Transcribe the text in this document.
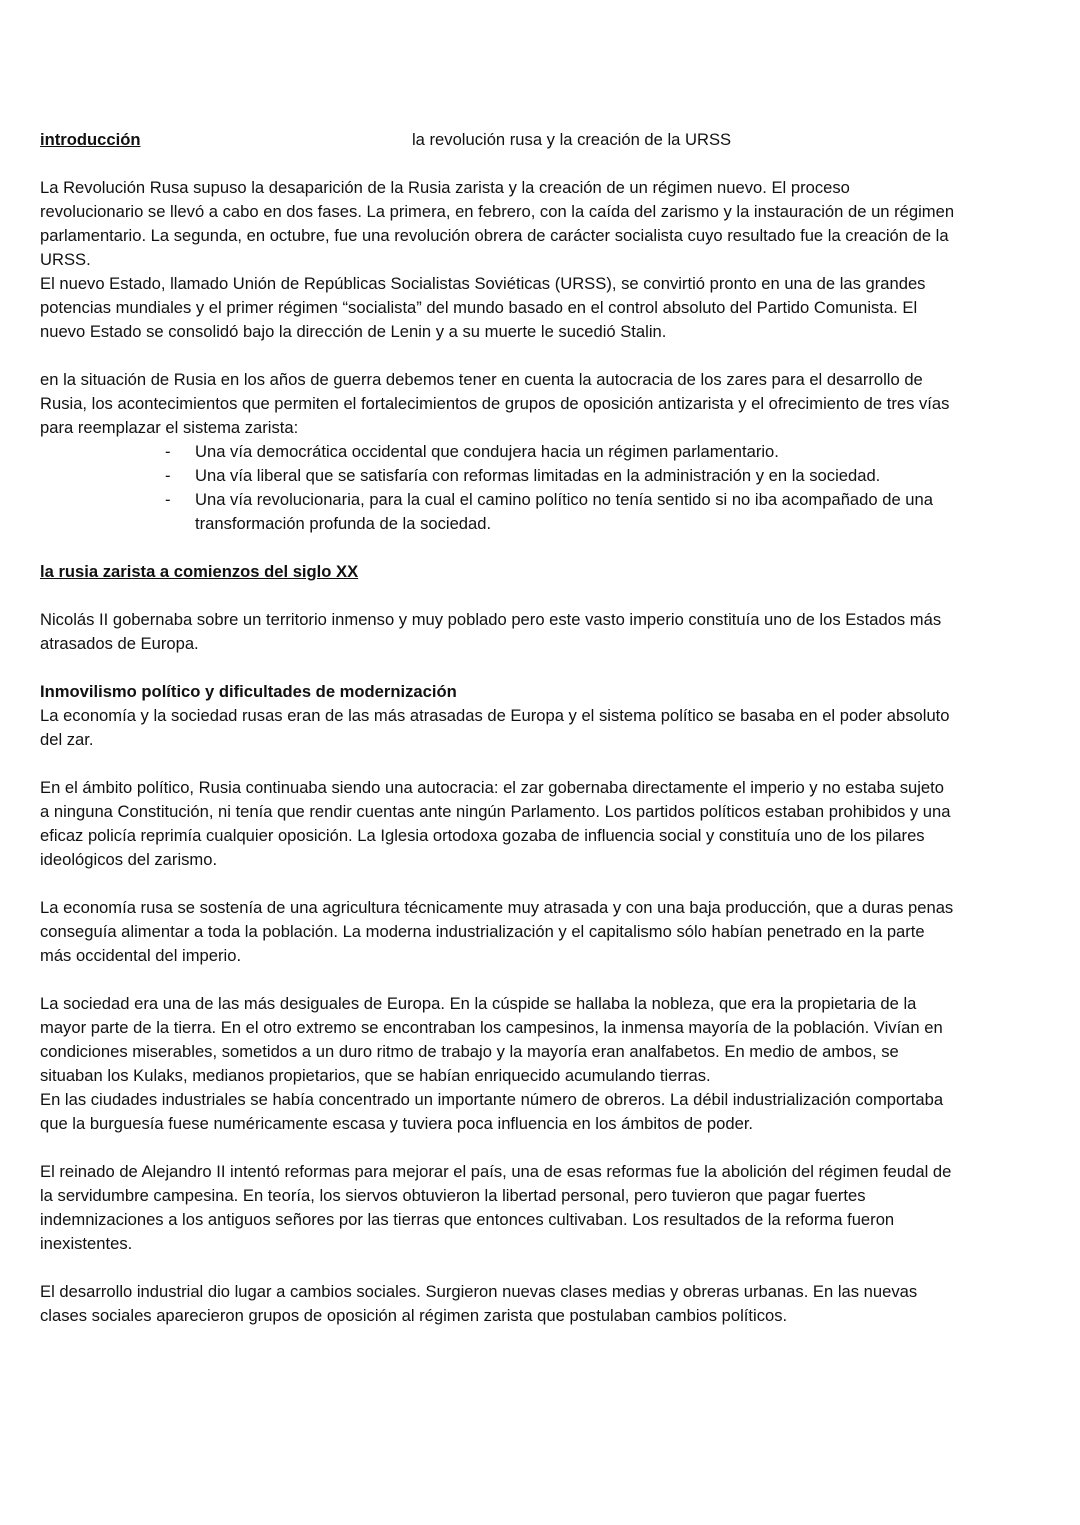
la revolución rusa y la creación de la URSS
introducción

La Revolución Rusa supuso la desaparición de la Rusia zarista y la creación de un régimen nuevo. El proceso
revolucionario se llevó a cabo en dos fases. La primera, en febrero, con la caída del zarismo y la instauración de un régimen
parlamentario. La segunda, en octubre, fue una revolución obrera de carácter socialista cuyo resultado fue la creación de la
URSS.
El nuevo Estado, llamado Unión de Repúblicas Socialistas Soviéticas (URSS), se convirtió pronto en una de las grandes
potencias mundiales y el primer régimen “socialista” del mundo basado en el control absoluto del Partido Comunista. El
nuevo Estado se consolidó bajo la dirección de Lenin y a su muerte le sucedió Stalin.

en la situación de Rusia en los años de guerra debemos tener en cuenta la autocracia de los zares para el desarrollo de
Rusia, los acontecimientos que permiten el fortalecimientos de grupos de oposición antizarista y el ofrecimiento de tres vías
para reemplazar el sistema zarista:

- Una vía democrática occidental que condujera hacia un régimen parlamentario.
- Una vía liberal que se satisfaría con reformas limitadas en la administración y en la sociedad.
- Una vía revolucionaria, para la cual el camino político no tenía sentido si no iba acompañado de una
transformación profunda de la sociedad.
la rusia zarista a comienzos del siglo XX

Nicolás II gobernaba sobre un territorio inmenso y muy poblado pero este vasto imperio constituía uno de los Estados más
atrasados de Europa.

Inmovilismo político y dificultades de modernización

La economía y la sociedad rusas eran de las más atrasadas de Europa y el sistema político se basaba en el poder absoluto
del zar.

En el ámbito político, Rusia continuaba siendo una autocracia: el zar gobernaba directamente el imperio y no estaba sujeto
a ninguna Constitución, ni tenía que rendir cuentas ante ningún Parlamento. Los partidos políticos estaban prohibidos y una
eficaz policía reprimía cualquier oposición. La Iglesia ortodoxa gozaba de influencia social y constituía uno de los pilares
ideológicos del zarismo.

La economía rusa se sostenía de una agricultura técnicamente muy atrasada y con una baja producción, que a duras penas
conseguía alimentar a toda la población. La moderna industrialización y el capitalismo sólo habían penetrado en la parte
más occidental del imperio.

La sociedad era una de las más desiguales de Europa. En la cúspide se hallaba la nobleza, que era la propietaria de la
mayor parte de la tierra. En el otro extremo se encontraban los campesinos, la inmensa mayoría de la población. Vivían en
condiciones miserables, sometidos a un duro ritmo de trabajo y la mayoría eran analfabetos. En medio de ambos, se
situaban los Kulaks, medianos propietarios, que se habían enriquecido acumulando tierras.
En las ciudades industriales se había concentrado un importante número de obreros. La débil industrialización comportaba
que la burguesía fuese numéricamente escasa y tuviera poca influencia en los ámbitos de poder.

El reinado de Alejandro II intentó reformas para mejorar el país, una de esas reformas fue la abolición del régimen feudal de
la servidumbre campesina. En teoría, los siervos obtuvieron la libertad personal, pero tuvieron que pagar fuertes
indemnizaciones a los antiguos señores por las tierras que entonces cultivaban. Los resultados de la reforma fueron
inexistentes.

El desarrollo industrial dio lugar a cambios sociales. Surgieron nuevas clases medias y obreras urbanas. En las nuevas
clases sociales aparecieron grupos de oposición al régimen zarista que postulaban cambios políticos.
